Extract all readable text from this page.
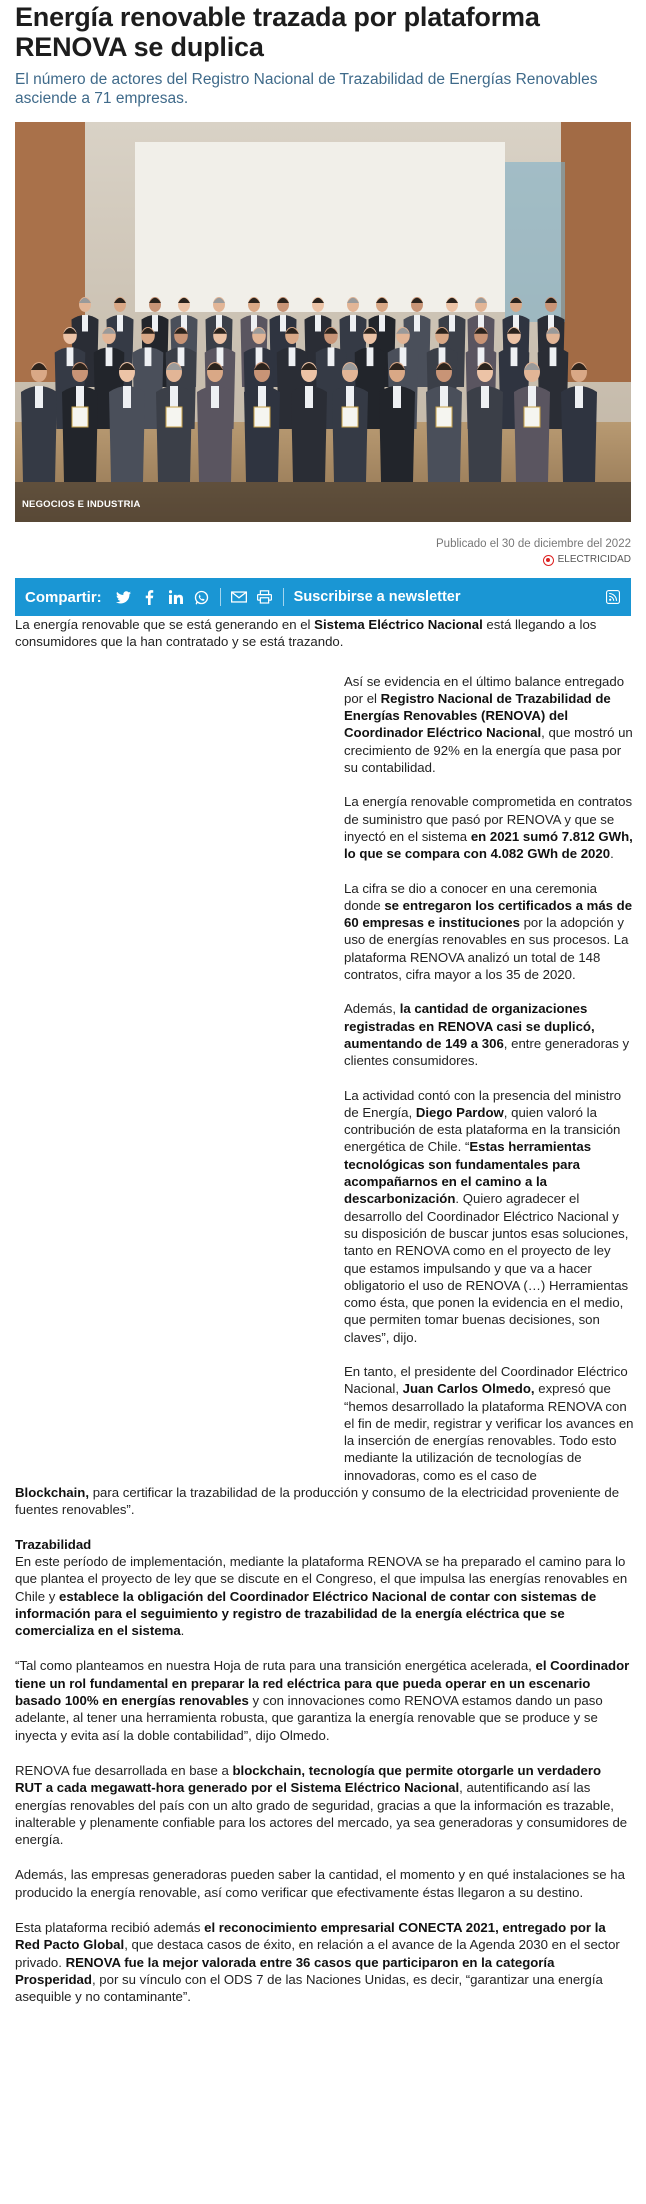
Energía renovable trazada por plataforma RENOVA se duplica
El número de actores del Registro Nacional de Trazabilidad de Energías Renovables asciende a 71 empresas.
NEGOCIOS E INDUSTRIA
Publicado el 30 de diciembre del 2022
ELECTRICIDAD
Compartir:	Suscribirse a newsletter

La energía renovable que se está generando en el Sistema Eléctrico Nacional está llegando a los consumidores que la han contratado y se está trazando.

Así se evidencia en el último balance entregado por el Registro Nacional de Trazabilidad de Energías Renovables (RENOVA) del Coordinador Eléctrico Nacional, que mostró un crecimiento de 92% en la energía que pasa por su contabilidad.

La energía renovable comprometida en contratos de suministro que pasó por RENOVA y que se inyectó en el sistema en 2021 sumó 7.812 GWh, lo que se compara con 4.082 GWh de 2020.

La cifra se dio a conocer en una ceremonia donde se entregaron los certificados a más de 60 empresas e instituciones por la adopción y uso de energías renovables en sus procesos. La plataforma RENOVA analizó un total de 148 contratos, cifra mayor a los 35 de 2020.

Además, la cantidad de organizaciones registradas en RENOVA casi se duplicó, aumentando de 149 a 306, entre generadoras y clientes consumidores.

La actividad contó con la presencia del ministro de Energía, Diego Pardow, quien valoró la contribución de esta plataforma en la transición energética de Chile. “Estas herramientas tecnológicas son fundamentales para acompañarnos en el camino a la descarbonización. Quiero agradecer el desarrollo del Coordinador Eléctrico Nacional y su disposición de buscar juntos esas soluciones, tanto en RENOVA como en el proyecto de ley que estamos impulsando y que va a hacer obligatorio el uso de RENOVA (…) Herramientas como ésta, que ponen la evidencia en el medio, que permiten tomar buenas decisiones, son claves”, dijo.

En tanto, el presidente del Coordinador Eléctrico Nacional, Juan Carlos Olmedo, expresó que “hemos desarrollado la plataforma RENOVA con el fin de medir, registrar y verificar los avances en la inserción de energías renovables. Todo esto mediante la utilización de tecnologías de innovadoras, como es el caso de

Blockchain, para certificar la trazabilidad de la producción y consumo de la electricidad proveniente de fuentes renovables”.

Trazabilidad

En este período de implementación, mediante la plataforma RENOVA se ha preparado el camino para lo que plantea el proyecto de ley que se discute en el Congreso, el que impulsa las energías renovables en Chile y establece la obligación del Coordinador Eléctrico Nacional de contar con sistemas de información para el seguimiento y registro de trazabilidad de la energía eléctrica que se comercializa en el sistema.

“Tal como planteamos en nuestra Hoja de ruta para una transición energética acelerada, el Coordinador tiene un rol fundamental en preparar la red eléctrica para que pueda operar en un escenario basado 100% en energías renovables y con innovaciones como RENOVA estamos dando un paso adelante, al tener una herramienta robusta, que garantiza la energía renovable que se produce y se inyecta y evita así la doble contabilidad”, dijo Olmedo.

RENOVA fue desarrollada en base a blockchain, tecnología que permite otorgarle un verdadero RUT a cada megawatt-hora generado por el Sistema Eléctrico Nacional, autentificando así las energías renovables del país con un alto grado de seguridad, gracias a que la información es trazable, inalterable y plenamente confiable para los actores del mercado, ya sea generadoras y consumidores de energía.

Además, las empresas generadoras pueden saber la cantidad, el momento y en qué instalaciones se ha producido la energía renovable, así como verificar que efectivamente éstas llegaron a su destino.

Esta plataforma recibió además el reconocimiento empresarial CONECTA 2021, entregado por la Red Pacto Global, que destaca casos de éxito, en relación a el avance de la Agenda 2030 en el sector privado. RENOVA fue la mejor valorada entre 36 casos que participaron en la categoría Prosperidad, por su vínculo con el ODS 7 de las Naciones Unidas, es decir, “garantizar una energía asequible y no contaminante”.
